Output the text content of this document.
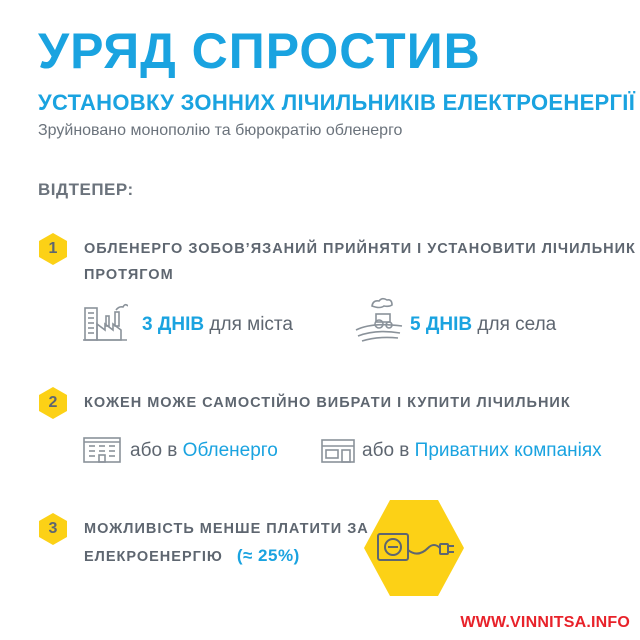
УРЯД СПРОСТИВ
УСТАНОВКУ ЗОННИХ ЛІЧИЛЬНИКІВ ЕЛЕКТРОЕНЕРГІЇ
Зруйновано монополію та бюрократію обленерго
ВІДТЕПЕР:
1	ОБЛЕНЕРГО ЗОБОВ’ЯЗАНИЙ ПРИЙНЯТИ І УСТАНОВИТИ ЛІЧИЛЬНИК
ПРОТЯГОМ
3 ДНІВ для міста	5 ДНІВ для села
2	КОЖЕН МОЖЕ САМОСТІЙНО ВИБРАТИ І КУПИТИ ЛІЧИЛЬНИК
або в Обленерго	або в Приватних компаніях
3	МОЖЛИВІСТЬ МЕНШЕ ПЛАТИТИ ЗА
ЕЛЕКРОЕНЕРГІЮ (≈ 25%)
WWW.VINNITSA.INFO
